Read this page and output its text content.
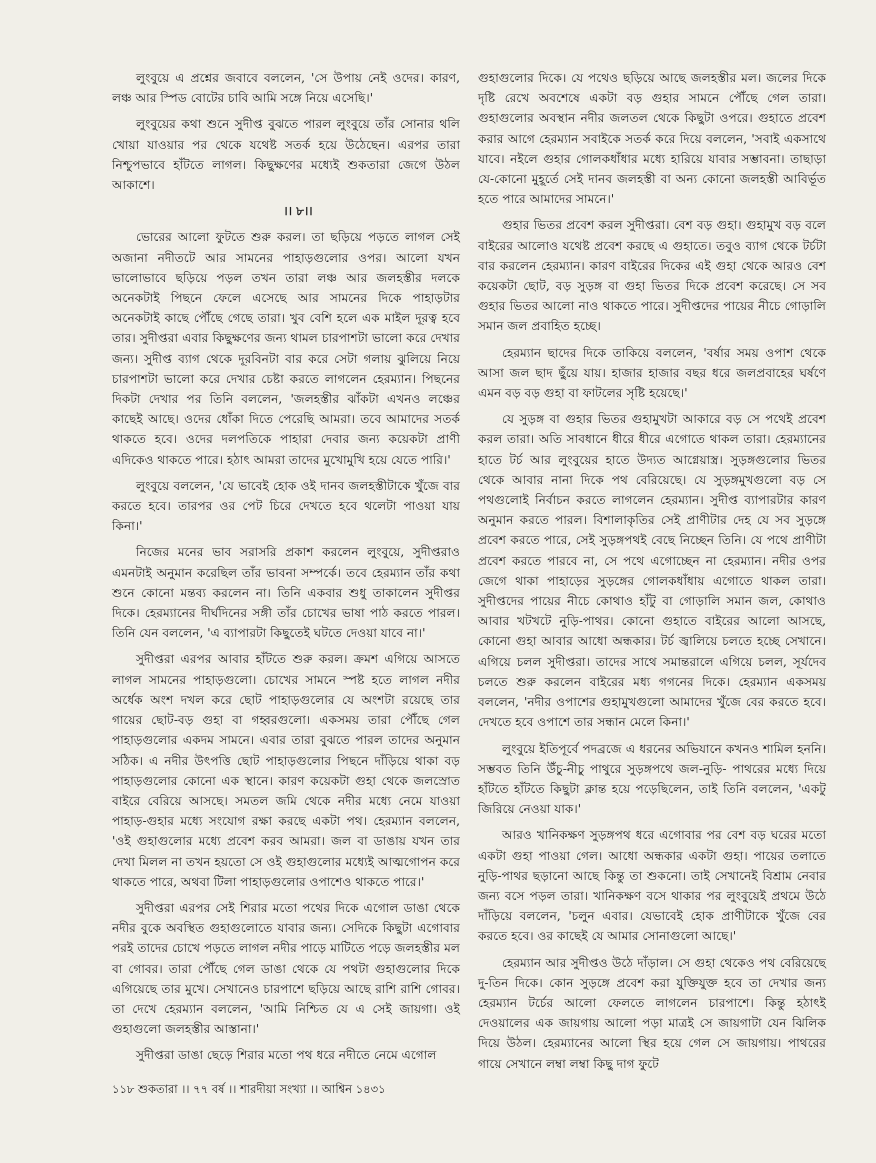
লুংবুয়ে এ প্রশ্নের জবাবে বললেন, 'সে উপায় নেই ওদের। কারণ, লঞ্চ আর স্পিড বোটের চাবি আমি সঙ্গে নিয়ে এসেছি।'

লুংবুয়ের কথা শুনে সুদীপ্ত বুঝতে পারল লুংবুয়ে তাঁর সোনার থলি খোয়া যাওয়ার পর থেকে যথেষ্ট সতর্ক হয়ে উঠেছেন। এরপর তারা নিশ্চুপভাবে হাঁটতে লাগল। কিছুক্ষণের মধ্যেই শুকতারা জেগে উঠল আকাশে।

।। ৮।।

ভোরের আলো ফুটতে শুরু করল। তা ছড়িয়ে পড়তে লাগল সেই অজানা নদীতটে আর সামনের পাহাড়গুলোর ওপর। আলো যখন ভালোভাবে ছড়িয়ে পড়ল তখন তারা লঞ্চ আর জলহস্তীর দলকে অনেকটাই পিছনে ফেলে এসেছে আর সামনের দিকে পাহাড়টার অনেকটাই কাছে পৌঁছে গেছে তারা। খুব বেশি হলে এক মাইল দূরত্ব হবে তার। সুদীপ্তরা এবার কিছুক্ষণের জন্য থামল চারপাশটা ভালো করে দেখার জন্য। সুদীপ্ত ব্যাগ থেকে দূরবিনটা বার করে সেটা গলায় ঝুলিয়ে নিয়ে চারপাশটা ভালো করে দেখার চেষ্টা করতে লাগলেন হেরম্যান। পিছনের দিকটা দেখার পর তিনি বললেন, 'জলহস্তীর ঝাঁকটা এখনও লঞ্চের কাছেই আছে। ওদের ধোঁকা দিতে পেরেছি আমরা। তবে আমাদের সতর্ক থাকতে হবে। ওদের দলপতিকে পাহারা দেবার জন্য কয়েকটা প্রাণী এদিকেও থাকতে পারে। হঠাৎ আমরা তাদের মুখোমুখি হয়ে যেতে পারি।'

লুংবুয়ে বললেন, 'যে ভাবেই হোক ওই দানব জলহস্তীটাকে খুঁজে বার করতে হবে। তারপর ওর পেট চিরে দেখতে হবে থলেটা পাওয়া যায় কিনা।'

নিজের মনের ভাব সরাসরি প্রকাশ করলেন লুংবুয়ে, সুদীপ্তরাও এমনটাই অনুমান করেছিল তাঁর ভাবনা সম্পর্কে। তবে হেরম্যান তাঁর কথা শুনে কোনো মন্তব্য করলেন না। তিনি একবার শুধু তাকালেন সুদীপ্তর দিকে। হেরম্যানের দীর্ঘদিনের সঙ্গী তাঁর চোখের ভাষা পাঠ করতে পারল। তিনি যেন বললেন, 'এ ব্যাপারটা কিছুতেই ঘটতে দেওয়া যাবে না।'

সুদীপ্তরা এরপর আবার হাঁটতে শুরু করল। ক্রমশ এগিয়ে আসতে লাগল সামনের পাহাড়গুলো। চোখের সামনে স্পষ্ট হতে লাগল নদীর অর্ধেক অংশ দখল করে ছোট পাহাড়গুলোর যে অংশটা রয়েছে তার গায়ের ছোট-বড় গুহা বা গহ্বরগুলো। একসময় তারা পৌঁছে গেল পাহাড়গুলোর একদম সামনে। এবার তারা বুঝতে পারল তাদের অনুমান সঠিক। এ নদীর উৎপত্তি ছোট পাহাড়গুলোর পিছনে দাঁড়িয়ে থাকা বড় পাহাড়গুলোর কোনো এক স্থানে। কারণ কয়েকটা গুহা থেকে জলস্রোত বাইরে বেরিয়ে আসছে। সমতল জমি থেকে নদীর মধ্যে নেমে যাওয়া পাহাড়-গুহার মধ্যে সংযোগ রক্ষা করছে একটা পথ। হেরম্যান বললেন, 'ওই গুহাগুলোর মধ্যে প্রবেশ করব আমরা। জল বা ডাঙায় যখন তার দেখা মিলল না তখন হয়তো সে ওই গুহাগুলোর মধ্যেই আত্মগোপন করে থাকতে পারে, অথবা টিলা পাহাড়গুলোর ওপাশেও থাকতে পারে।'

সুদীপ্তরা এরপর সেই শিরার মতো পথের দিকে এগোল ডাঙা থেকে নদীর বুকে অবস্থিত গুহাগুলোতে যাবার জন্য। সেদিকে কিছুটা এগোবার পরই তাদের চোখে পড়তে লাগল নদীর পাড়ে মাটিতে পড়ে জলহস্তীর মল বা গোবর। তারা পৌঁছে গেল ডাঙা থেকে যে পথটা গুহাগুলোর দিকে এগিয়েছে তার মুখে। সেখানেও চারপাশে ছড়িয়ে আছে রাশি রাশি গোবর। তা দেখে হেরম্যান বললেন, 'আমি নিশ্চিত যে এ সেই জায়গা। ওই গুহাগুলো জলহস্তীর আস্তানা।'

সুদীপ্তরা ডাঙা ছেড়ে শিরার মতো পথ ধরে নদীতে নেমে এগোল

গুহাগুলোর দিকে। যে পথেও ছড়িয়ে আছে জলহস্তীর মল। জলের দিকে দৃষ্টি রেখে অবশেষে একটা বড় গুহার সামনে পৌঁছে গেল তারা। গুহাগুলোর অবস্থান নদীর জলতল থেকে কিছুটা ওপরে। গুহাতে প্রবেশ করার আগে হেরম্যান সবাইকে সতর্ক করে দিয়ে বললেন, 'সবাই একসাথে যাবে। নইলে গুহার গোলকধাঁধার মধ্যে হারিয়ে যাবার সম্ভাবনা। তাছাড়া যে-কোনো মুহূর্তে সেই দানব জলহস্তী বা অন্য কোনো জলহস্তী আবির্ভূত হতে পারে আমাদের সামনে।'

গুহার ভিতর প্রবেশ করল সুদীপ্তরা। বেশ বড় গুহা। গুহামুখ বড় বলে বাইরের আলোও যথেষ্ট প্রবেশ করছে এ গুহাতে। তবুও ব্যাগ থেকে টর্চটা বার করলেন হেরম্যান। কারণ বাইরের দিকের এই গুহা থেকে আরও বেশ কয়েকটা ছোট, বড় সুড়ঙ্গ বা গুহা ভিতর দিকে প্রবেশ করেছে। সে সব গুহার ভিতর আলো নাও থাকতে পারে। সুদীপ্তদের পায়ের নীচে গোড়ালি সমান জল প্রবাহিত হচ্ছে।

হেরম্যান ছাদের দিকে তাকিয়ে বললেন, 'বর্ষার সময় ওপাশ থেকে আসা জল ছাদ ছুঁয়ে যায়। হাজার হাজার বছর ধরে জলপ্রবাহের ঘর্ষণে এমন বড় বড় গুহা বা ফাটলের সৃষ্টি হয়েছে।'

যে সুড়ঙ্গ বা গুহার ভিতর গুহামুখটা আকারে বড় সে পথেই প্রবেশ করল তারা। অতি সাবধানে ধীরে ধীরে এগোতে থাকল তারা। হেরম্যানের হাতে টর্চ আর লুংবুয়ের হাতে উদ্যত আগ্নেয়াস্ত্র। সুড়ঙ্গগুলোর ভিতর থেকে আবার নানা দিকে পথ বেরিয়েছে। যে সুড়ঙ্গমুখগুলো বড় সে পথগুলোই নির্বাচন করতে লাগলেন হেরম্যান। সুদীপ্ত ব্যাপারটার কারণ অনুমান করতে পারল। বিশালাকৃতির সেই প্রাণীটার দেহ যে সব সুড়ঙ্গে প্রবেশ করতে পারে, সেই সুড়ঙ্গপথই বেছে নিচ্ছেন তিনি। যে পথে প্রাণীটা প্রবেশ করতে পারবে না, সে পথে এগোচ্ছেন না হেরম্যান। নদীর ওপর জেগে থাকা পাহাড়ের সুড়ঙ্গের গোলকধাঁধায় এগোতে থাকল তারা। সুদীপ্তদের পায়ের নীচে কোথাও হাঁটু বা গোড়ালি সমান জল, কোথাও আবার খটখটে নুড়ি-পাথর। কোনো গুহাতে বাইরের আলো আসছে, কোনো গুহা আবার আধো অন্ধকার। টর্চ জ্বালিয়ে চলতে হচ্ছে সেখানে। এগিয়ে চলল সুদীপ্তরা। তাদের সাথে সমান্তরালে এগিয়ে চলল, সূর্যদেব চলতে শুরু করলেন বাইরের মধ্য গগনের দিকে। হেরম্যান একসময় বললেন, 'নদীর ওপাশের গুহামুখগুলো আমাদের খুঁজে বের করতে হবে। দেখতে হবে ওপাশে তার সন্ধান মেলে কিনা।'

লুংবুয়ে ইতিপূর্বে পদব্রজে এ ধরনের অভিযানে কখনও শামিল হননি। সম্ভবত তিনি উঁচু-নীচু পাথুরে সুড়ঙ্গপথে জল-নুড়ি- পাথরের মধ্যে দিয়ে হাঁটতে হাঁটতে কিছুটা ক্লান্ত হয়ে পড়েছিলেন, তাই তিনি বললেন, 'একটু জিরিয়ে নেওয়া যাক।'

আরও খানিকক্ষণ সুড়ঙ্গপথ ধরে এগোবার পর বেশ বড় ঘরের মতো একটা গুহা পাওয়া গেল। আধো অন্ধকার একটা গুহা। পায়ের তলাতে নুড়ি-পাথর ছড়ানো আছে কিন্তু তা শুকনো। তাই সেখানেই বিশ্রাম নেবার জন্য বসে পড়ল তারা। খানিকক্ষণ বসে থাকার পর লুংবুয়েই প্রথমে উঠে দাঁড়িয়ে বললেন, 'চলুন এবার। যেভাবেই হোক প্রাণীটাকে খুঁজে বের করতে হবে। ওর কাছেই যে আমার সোনাগুলো আছে।'

হেরম্যান আর সুদীপ্তও উঠে দাঁড়াল। সে গুহা থেকেও পথ বেরিয়েছে দু-তিন দিকে। কোন সুড়ঙ্গে প্রবেশ করা যুক্তিযুক্ত হবে তা দেখার জন্য হেরম্যান টর্চের আলো ফেলতে লাগলেন চারপাশে। কিন্তু হঠাৎই দেওয়ালের এক জায়গায় আলো পড়া মাত্রই সে জায়গাটা যেন ঝিলিক দিয়ে উঠল। হেরম্যানের আলো স্থির হয়ে গেল সে জায়গায়। পাথরের গায়ে সেখানে লম্বা লম্বা কিছু দাগ ফুটে

১১৮ শুকতারা ।। ৭৭ বর্ষ ।। শারদীয়া সংখ্যা ।। আশ্বিন ১৪৩১
